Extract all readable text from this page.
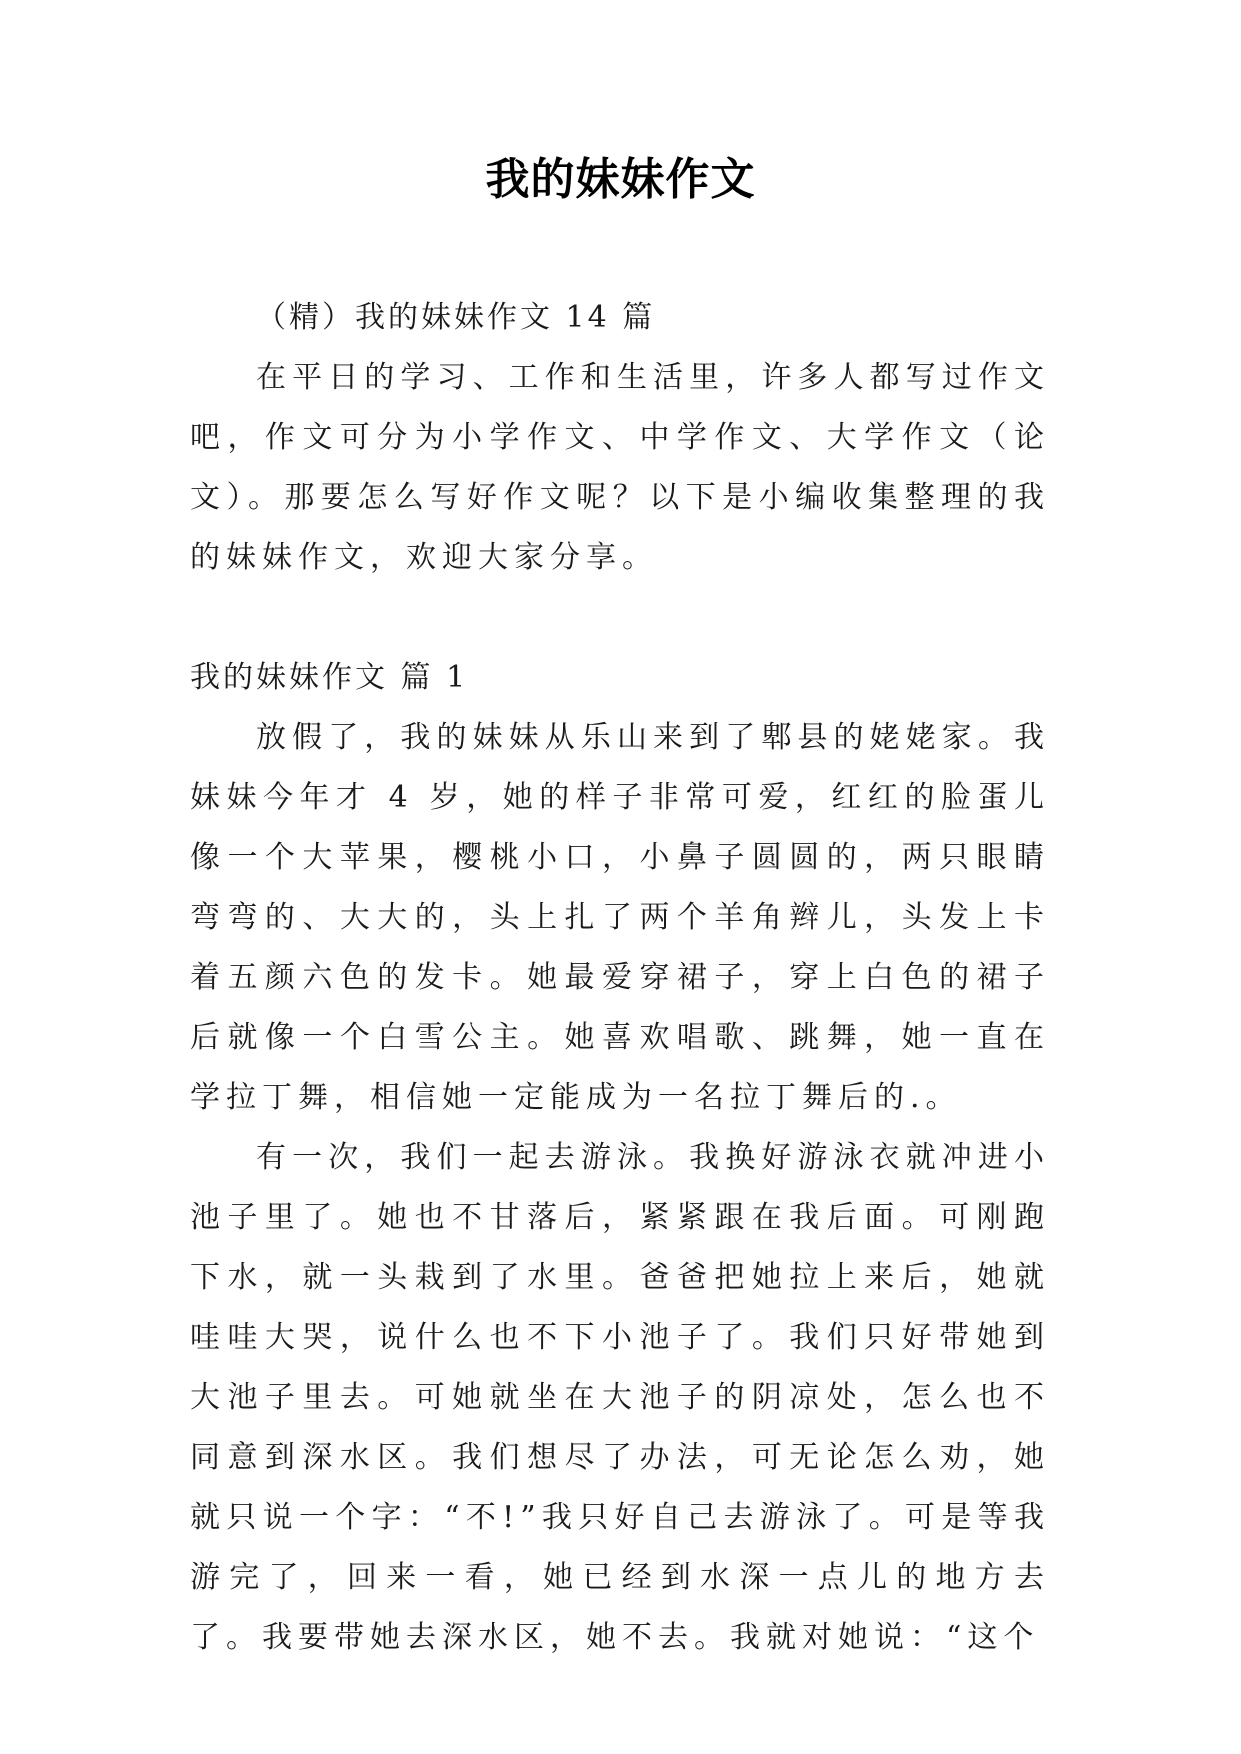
我的妹妹作文

（精）我的妹妹作文 14 篇

在平日的学习、工作和生活里，许多人都写过作文吧，作文可分为小学作文、中学作文、大学作文（论文）。那要怎么写好作文呢？以下是小编收集整理的我的妹妹作文，欢迎大家分享。

我的妹妹作文 篇 1

放假了，我的妹妹从乐山来到了郫县的姥姥家。我妹妹今年才 4 岁，她的样子非常可爱，红红的脸蛋儿像一个大苹果，樱桃小口，小鼻子圆圆的，两只眼睛弯弯的、大大的，头上扎了两个羊角辫儿，头发上卡着五颜六色的发卡。她最爱穿裙子，穿上白色的裙子后就像一个白雪公主。她喜欢唱歌、跳舞，她一直在学拉丁舞，相信她一定能成为一名拉丁舞后的.。

有一次，我们一起去游泳。我换好游泳衣就冲进小池子里了。她也不甘落后，紧紧跟在我后面。可刚跑下水，就一头栽到了水里。爸爸把她拉上来后，她就哇哇大哭，说什么也不下小池子了。我们只好带她到大池子里去。可她就坐在大池子的阴凉处，怎么也不同意到深水区。我们想尽了办法，可无论怎么劝，她就只说一个字：“不!”我只好自己去游泳了。可是等我游完了，回来一看，她已经到水深一点儿的地方去了。我要带她去深水区，她不去。我就对她说：“这个
